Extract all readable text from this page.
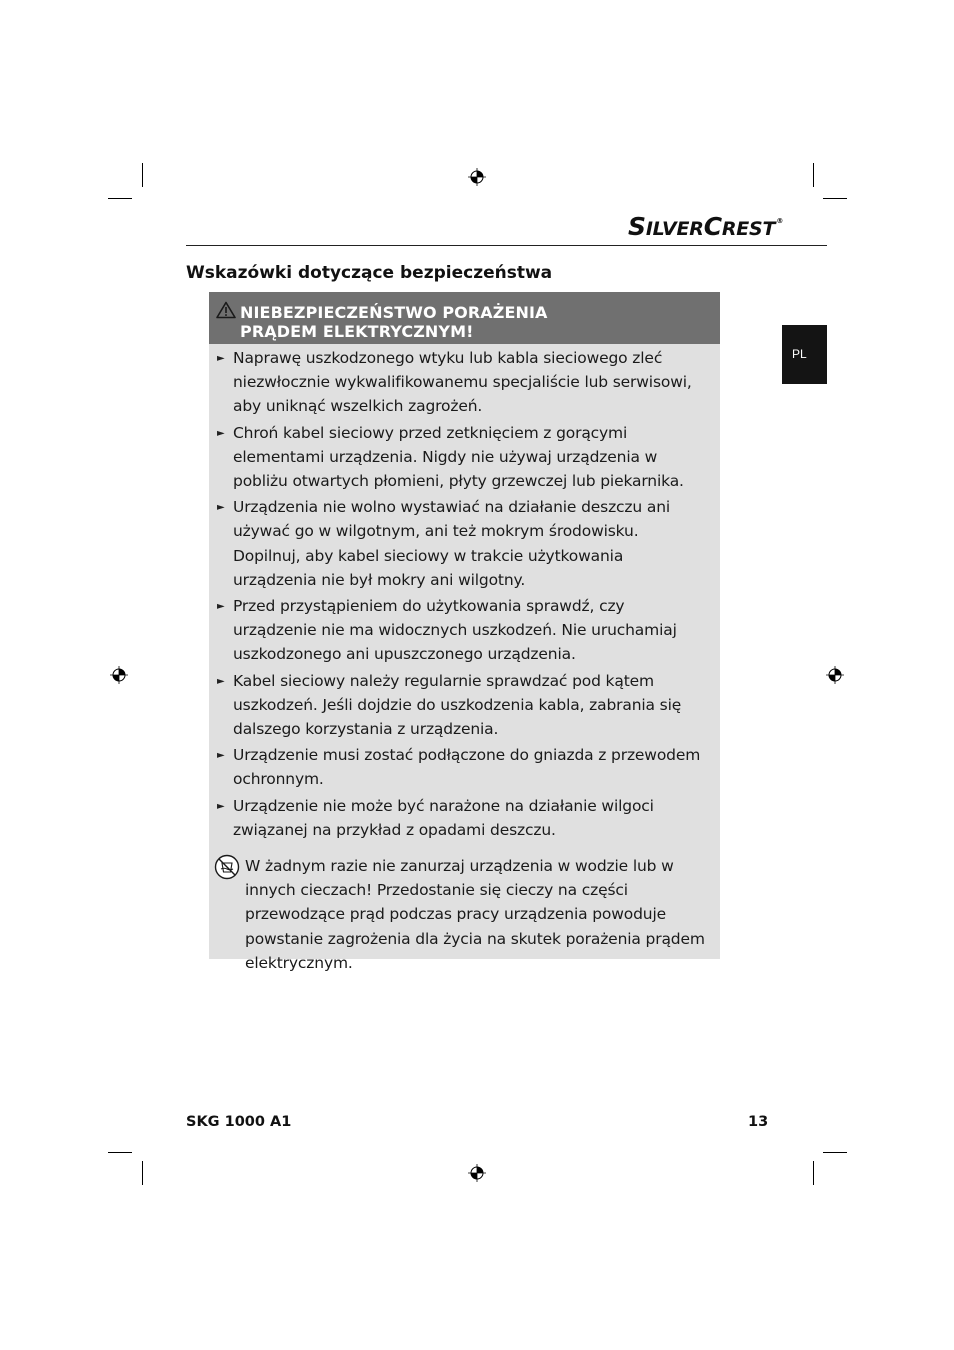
SILVERCREST®
PL
Wskazówki dotyczące bezpieczeństwa
NIEBEZPIECZEŃSTWO PORAŻENIA
PRĄDEM ELEKTRYCZNYM!
► Naprawę uszkodzonego wtyku lub kabla sieciowego zleć niezwłocznie wykwalifikowanemu specjaliście lub serwisowi, aby uniknąć wszelkich zagrożeń.
► Chroń kabel sieciowy przed zetknięciem z gorącymi elementami urządzenia. Nigdy nie używaj urządzenia w pobliżu otwartych płomieni, płyty grzewczej lub piekarnika.
► Urządzenia nie wolno wystawiać na działanie deszczu ani używać go w wilgotnym, ani też mokrym środowisku. Dopilnuj, aby kabel sieciowy w trakcie użytkowania urządzenia nie był mokry ani wilgotny.
► Przed przystąpieniem do użytkowania sprawdź, czy urządzenie nie ma widocznych uszkodzeń. Nie uruchamiaj uszkodzonego ani upuszczonego urządzenia.
► Kabel sieciowy należy regularnie sprawdzać pod kątem uszkodzeń. Jeśli dojdzie do uszkodzenia kabla, zabrania się dalszego korzystania z urządzenia.
► Urządzenie musi zostać podłączone do gniazda z przewodem ochronnym.
► Urządzenie nie może być narażone na działanie wilgoci związanej na przykład z opadami deszczu.
W żadnym razie nie zanurzaj urządzenia w wodzie lub w innych cieczach! Przedostanie się cieczy na części przewodzące prąd podczas pracy urządzenia powoduje powstanie zagrożenia dla życia na skutek porażenia prądem elektrycznym.
SKG 1000 A1	13
